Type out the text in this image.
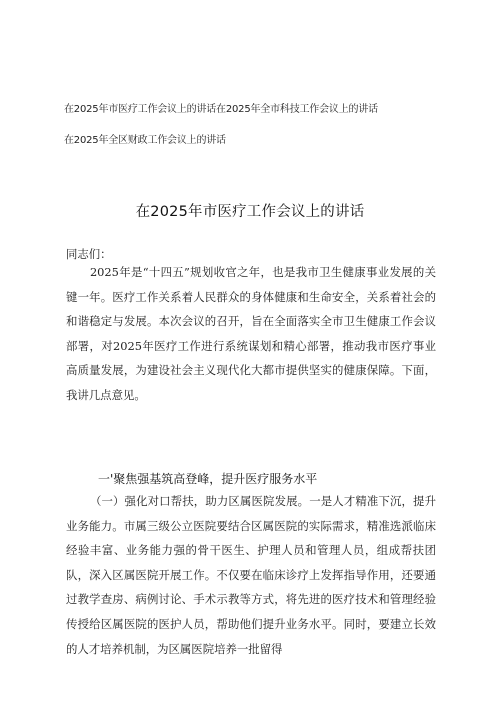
在2025年市医疗工作会议上的讲话在2025年全市科技工作会议上的讲话
在2025年全区财政工作会议上的讲话
在2025年市医疗工作会议上的讲话
同志们：
2025年是“十四五”规划收官之年，也是我市卫生健康事业发展的关键一年。医疗工作关系着人民群众的身体健康和生命安全，关系着社会的和谐稳定与发展。本次会议的召开，旨在全面落实全市卫生健康工作会议部署，对2025年医疗工作进行系统谋划和精心部署，推动我市医疗事业高质量发展，为建设社会主义现代化大都市提供坚实的健康保障。下面，我讲几点意见。
一'聚焦强基筑高登峰，提升医疗服务水平
（一）强化对口帮扶，助力区属医院发展。一是人才精准下沉，提升业务能力。市属三级公立医院要结合区属医院的实际需求，精准选派临床经验丰富、业务能力强的骨干医生、护理人员和管理人员，组成帮扶团队，深入区属医院开展工作。不仅要在临床诊疗上发挥指导作用，还要通过教学查房、病例讨论、手术示教等方式，将先进的医疗技术和管理经验传授给区属医院的医护人员，帮助他们提升业务水平。同时，要建立长效的人才培养机制，为区属医院培养一批留得
